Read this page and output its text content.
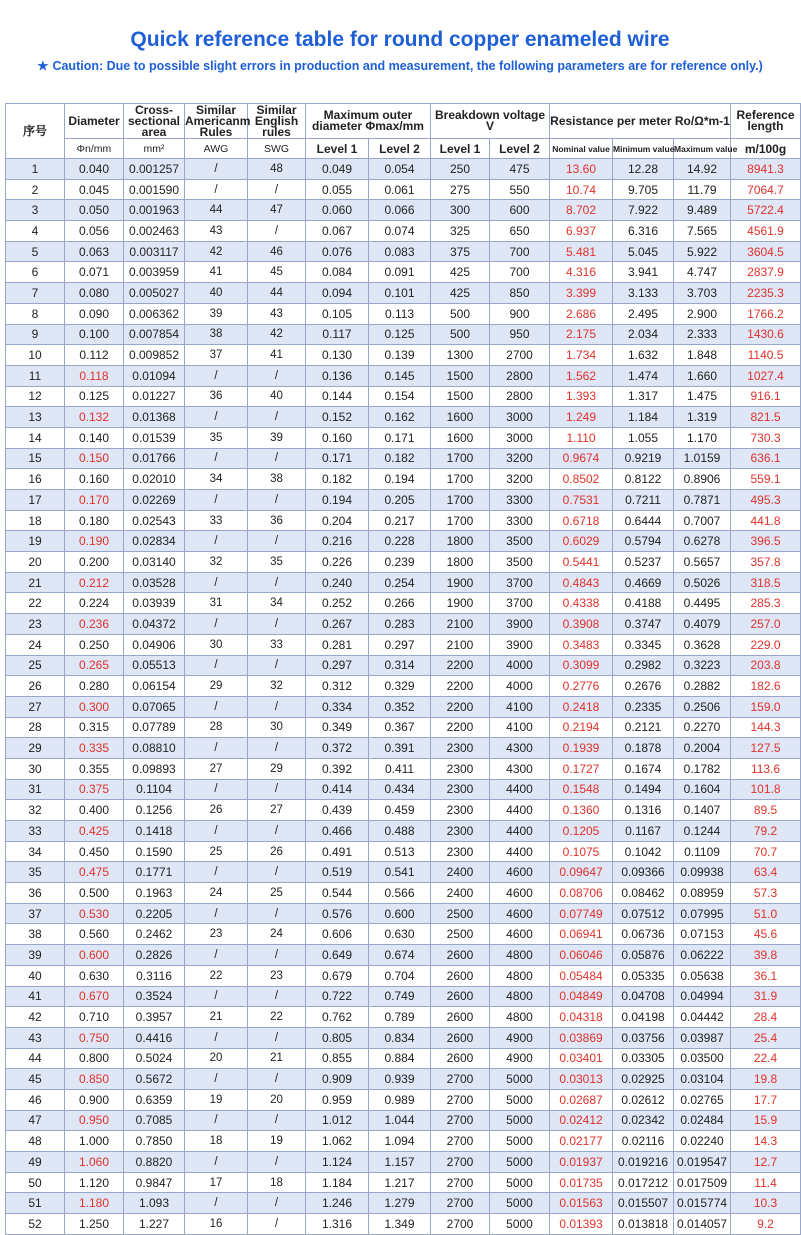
Quick reference table for round copper enameled wire
★ Caution: Due to possible slight errors in production and measurement, the following parameters are for reference only.)
序号	Diameter	Cross-sectional area	Similar Americanm Rules	Similar English rules	Maximum outer diameter Φmax/mm		Breakdown voltage V		Resistance per meter Ro/Ω*m-1			Reference length
	Φn/mm	mm²	AWG	SWG	Level 1	Level 2	Level 1	Level 2	Nominal value	Minimum value	Maximum value	m/100g
1	0.040	0.001257	/	48	0.049	0.054	250	475	13.60	12.28	14.92	8941.3
2	0.045	0.001590	/	/	0.055	0.061	275	550	10.74	9.705	11.79	7064.7
3	0.050	0.001963	44	47	0.060	0.066	300	600	8.702	7.922	9.489	5722.4
4	0.056	0.002463	43	/	0.067	0.074	325	650	6.937	6.316	7.565	4561.9
5	0.063	0.003117	42	46	0.076	0.083	375	700	5.481	5.045	5.922	3604.5
6	0.071	0.003959	41	45	0.084	0.091	425	700	4.316	3.941	4.747	2837.9
7	0.080	0.005027	40	44	0.094	0.101	425	850	3.399	3.133	3.703	2235.3
8	0.090	0.006362	39	43	0.105	0.113	500	900	2.686	2.495	2.900	1766.2
9	0.100	0.007854	38	42	0.117	0.125	500	950	2.175	2.034	2.333	1430.6
10	0.112	0.009852	37	41	0.130	0.139	1300	2700	1.734	1.632	1.848	1140.5
11	0.118	0.01094	/	/	0.136	0.145	1500	2800	1.562	1.474	1.660	1027.4
12	0.125	0.01227	36	40	0.144	0.154	1500	2800	1.393	1.317	1.475	916.1
13	0.132	0.01368	/	/	0.152	0.162	1600	3000	1.249	1.184	1.319	821.5
14	0.140	0.01539	35	39	0.160	0.171	1600	3000	1.110	1.055	1.170	730.3
15	0.150	0.01766	/	/	0.171	0.182	1700	3200	0.9674	0.9219	1.0159	636.1
16	0.160	0.02010	34	38	0.182	0.194	1700	3200	0.8502	0.8122	0.8906	559.1
17	0.170	0.02269	/	/	0.194	0.205	1700	3300	0.7531	0.7211	0.7871	495.3
18	0.180	0.02543	33	36	0.204	0.217	1700	3300	0.6718	0.6444	0.7007	441.8
19	0.190	0.02834	/	/	0.216	0.228	1800	3500	0.6029	0.5794	0.6278	396.5
20	0.200	0.03140	32	35	0.226	0.239	1800	3500	0.5441	0.5237	0.5657	357.8
21	0.212	0.03528	/	/	0.240	0.254	1900	3700	0.4843	0.4669	0.5026	318.5
22	0.224	0.03939	31	34	0.252	0.266	1900	3700	0.4338	0.4188	0.4495	285.3
23	0.236	0.04372	/	/	0.267	0.283	2100	3900	0.3908	0.3747	0.4079	257.0
24	0.250	0.04906	30	33	0.281	0.297	2100	3900	0.3483	0.3345	0.3628	229.0
25	0.265	0.05513	/	/	0.297	0.314	2200	4000	0.3099	0.2982	0.3223	203.8
26	0.280	0.06154	29	32	0.312	0.329	2200	4000	0.2776	0.2676	0.2882	182.6
27	0.300	0.07065	/	/	0.334	0.352	2200	4100	0.2418	0.2335	0.2506	159.0
28	0.315	0.07789	28	30	0.349	0.367	2200	4100	0.2194	0.2121	0.2270	144.3
29	0.335	0.08810	/	/	0.372	0.391	2300	4300	0.1939	0.1878	0.2004	127.5
30	0.355	0.09893	27	29	0.392	0.411	2300	4300	0.1727	0.1674	0.1782	113.6
31	0.375	0.1104	/	/	0.414	0.434	2300	4400	0.1548	0.1494	0.1604	101.8
32	0.400	0.1256	26	27	0.439	0.459	2300	4400	0.1360	0.1316	0.1407	89.5
33	0.425	0.1418	/	/	0.466	0.488	2300	4400	0.1205	0.1167	0.1244	79.2
34	0.450	0.1590	25	26	0.491	0.513	2300	4400	0.1075	0.1042	0.1109	70.7
35	0.475	0.1771	/	/	0.519	0.541	2400	4600	0.09647	0.09366	0.09938	63.4
36	0.500	0.1963	24	25	0.544	0.566	2400	4600	0.08706	0.08462	0.08959	57.3
37	0.530	0.2205	/	/	0.576	0.600	2500	4600	0.07749	0.07512	0.07995	51.0
38	0.560	0.2462	23	24	0.606	0.630	2500	4600	0.06941	0.06736	0.07153	45.6
39	0.600	0.2826	/	/	0.649	0.674	2600	4800	0.06046	0.05876	0.06222	39.8
40	0.630	0.3116	22	23	0.679	0.704	2600	4800	0.05484	0.05335	0.05638	36.1
41	0.670	0.3524	/	/	0.722	0.749	2600	4800	0.04849	0.04708	0.04994	31.9
42	0.710	0.3957	21	22	0.762	0.789	2600	4800	0.04318	0.04198	0.04442	28.4
43	0.750	0.4416	/	/	0.805	0.834	2600	4900	0.03869	0.03756	0.03987	25.4
44	0.800	0.5024	20	21	0.855	0.884	2600	4900	0.03401	0.03305	0.03500	22.4
45	0.850	0.5672	/	/	0.909	0.939	2700	5000	0.03013	0.02925	0.03104	19.8
46	0.900	0.6359	19	20	0.959	0.989	2700	5000	0.02687	0.02612	0.02765	17.7
47	0.950	0.7085	/	/	1.012	1.044	2700	5000	0.02412	0.02342	0.02484	15.9
48	1.000	0.7850	18	19	1.062	1.094	2700	5000	0.02177	0.02116	0.02240	14.3
49	1.060	0.8820	/	/	1.124	1.157	2700	5000	0.01937	0.019216	0.019547	12.7
50	1.120	0.9847	17	18	1.184	1.217	2700	5000	0.01735	0.017212	0.017509	11.4
51	1.180	1.093	/	/	1.246	1.279	2700	5000	0.01563	0.015507	0.015774	10.3
52	1.250	1.227	16	/	1.316	1.349	2700	5000	0.01393	0.013818	0.014057	9.2
